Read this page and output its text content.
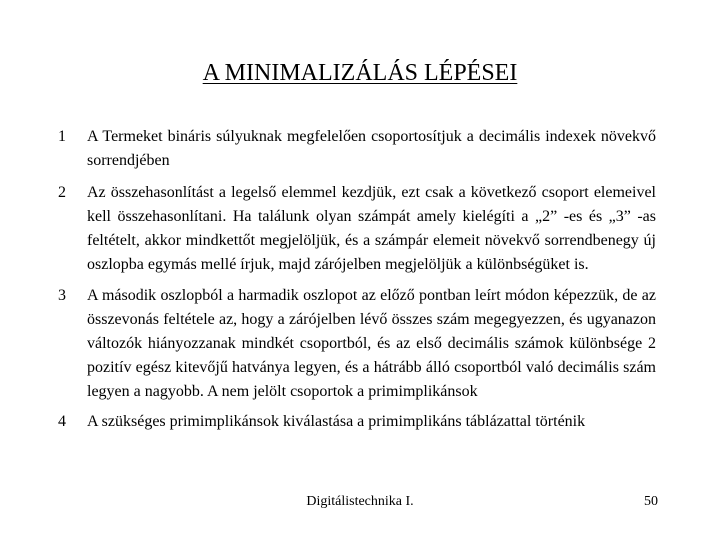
A MINIMALIZÁLÁS LÉPÉSEI
1	A Termeket bináris súlyuknak megfelelően csoportosítjuk a decimális indexek növekvő sorrendjében
2	Az összehasonlítást a legelső elemmel kezdjük, ezt csak a következő csoport elemeivel kell összehasonlítani. Ha találunk olyan számpát amely kielégíti a „2” -es és „3” -as feltételt, akkor mindkettőt megjelöljük, és a számpár elemeit növekvő sorrendbenegy új oszlopba egymás mellé írjuk, majd zárójelben megjelöljük a különbségüket is.
3	A második oszlopból a harmadik oszlopot az előző pontban leírt módon képezzük, de az összevonás feltétele az, hogy a zárójelben lévő összes szám megegyezzen, és ugyanazon változók hiányozzanak mindkét csoportból, és az első decimális számok különbsége 2 pozitív egész kitevőjű hatványa legyen, és a hátrább álló csoportból való decimális szám legyen a nagyobb. A nem jelölt csoportok a primimplikánsok
4	A szükséges primimplikánsok kiválastása a primimplikáns táblázattal történik
Digitálistechnika I.	50
